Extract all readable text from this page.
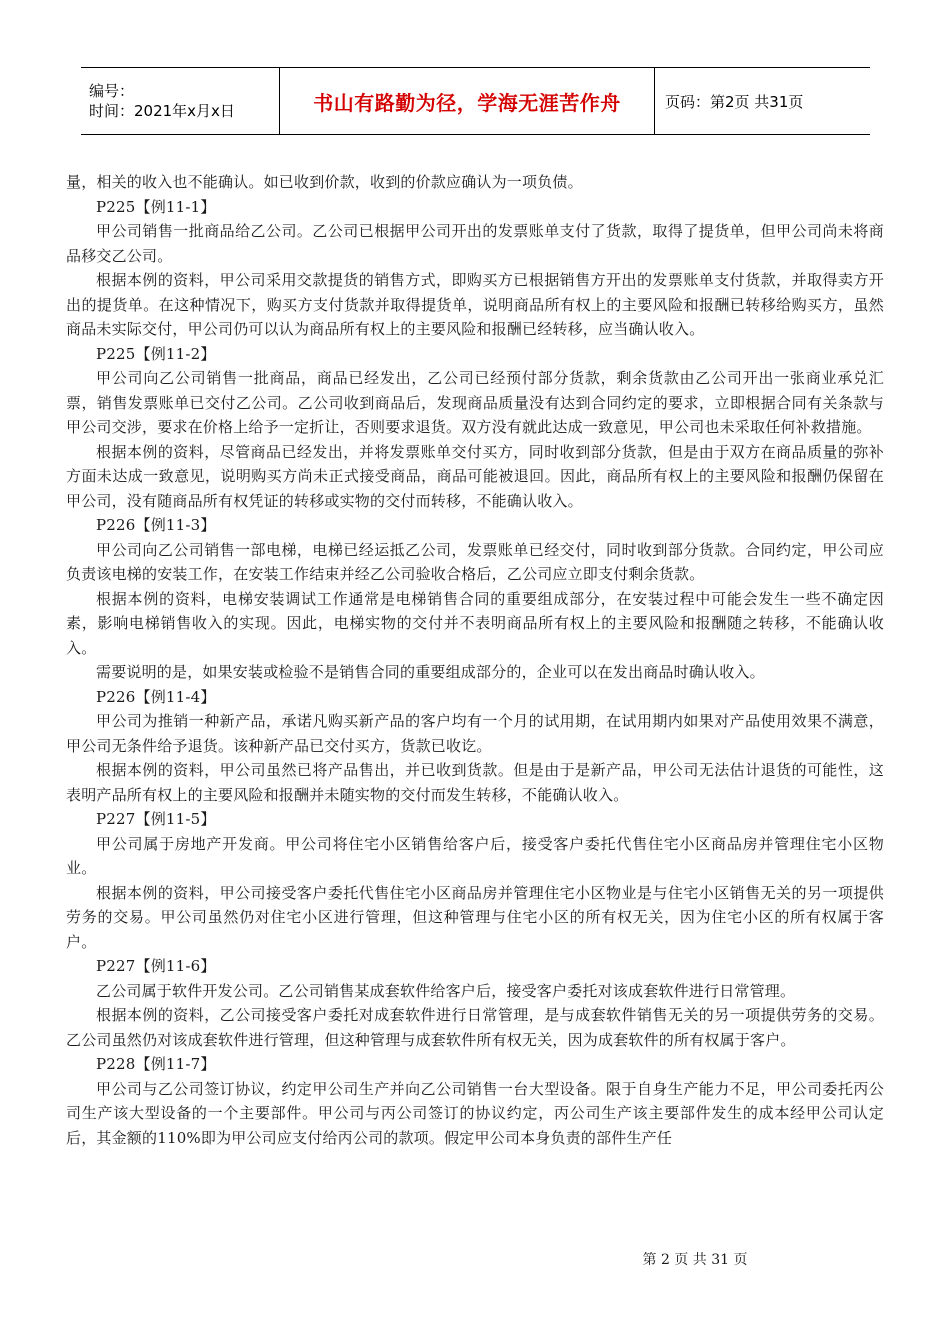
编号：
时间：2021年x月x日	书山有路勤为径，学海无涯苦作舟	页码：第2页 共31页

量，相关的收入也不能确认。如已收到价款，收到的价款应确认为一项负债。

P225【例11-1】

甲公司销售一批商品给乙公司。乙公司已根据甲公司开出的发票账单支付了货款，取得了提货单，但甲公司尚未将商品移交乙公司。

根据本例的资料，甲公司采用交款提货的销售方式，即购买方已根据销售方开出的发票账单支付货款，并取得卖方开出的提货单。在这种情况下，购买方支付货款并取得提货单，说明商品所有权上的主要风险和报酬已转移给购买方，虽然商品未实际交付，甲公司仍可以认为商品所有权上的主要风险和报酬已经转移，应当确认收入。

P225【例11-2】

甲公司向乙公司销售一批商品，商品已经发出，乙公司已经预付部分货款，剩余货款由乙公司开出一张商业承兑汇票，销售发票账单已交付乙公司。乙公司收到商品后，发现商品质量没有达到合同约定的要求，立即根据合同有关条款与甲公司交涉，要求在价格上给予一定折让，否则要求退货。双方没有就此达成一致意见，甲公司也未采取任何补救措施。

根据本例的资料，尽管商品已经发出，并将发票账单交付买方，同时收到部分货款，但是由于双方在商品质量的弥补方面未达成一致意见，说明购买方尚未正式接受商品，商品可能被退回。因此，商品所有权上的主要风险和报酬仍保留在甲公司，没有随商品所有权凭证的转移或实物的交付而转移，不能确认收入。

P226【例11-3】

甲公司向乙公司销售一部电梯，电梯已经运抵乙公司，发票账单已经交付，同时收到部分货款。合同约定，甲公司应负责该电梯的安装工作，在安装工作结束并经乙公司验收合格后，乙公司应立即支付剩余货款。

根据本例的资料，电梯安装调试工作通常是电梯销售合同的重要组成部分，在安装过程中可能会发生一些不确定因素，影响电梯销售收入的实现。因此，电梯实物的交付并不表明商品所有权上的主要风险和报酬随之转移，不能确认收入。

需要说明的是，如果安装或检验不是销售合同的重要组成部分的，企业可以在发出商品时确认收入。

P226【例11-4】

甲公司为推销一种新产品，承诺凡购买新产品的客户均有一个月的试用期，在试用期内如果对产品使用效果不满意，甲公司无条件给予退货。该种新产品已交付买方，货款已收讫。

根据本例的资料，甲公司虽然已将产品售出，并已收到货款。但是由于是新产品，甲公司无法估计退货的可能性，这表明产品所有权上的主要风险和报酬并未随实物的交付而发生转移，不能确认收入。

P227【例11-5】

甲公司属于房地产开发商。甲公司将住宅小区销售给客户后，接受客户委托代售住宅小区商品房并管理住宅小区物业。

根据本例的资料，甲公司接受客户委托代售住宅小区商品房并管理住宅小区物业是与住宅小区销售无关的另一项提供劳务的交易。甲公司虽然仍对住宅小区进行管理，但这种管理与住宅小区的所有权无关，因为住宅小区的所有权属于客户。

P227【例11-6】

乙公司属于软件开发公司。乙公司销售某成套软件给客户后，接受客户委托对该成套软件进行日常管理。

根据本例的资料，乙公司接受客户委托对成套软件进行日常管理，是与成套软件销售无关的另一项提供劳务的交易。乙公司虽然仍对该成套软件进行管理，但这种管理与成套软件所有权无关，因为成套软件的所有权属于客户。

P228【例11-7】

甲公司与乙公司签订协议，约定甲公司生产并向乙公司销售一台大型设备。限于自身生产能力不足，甲公司委托丙公司生产该大型设备的一个主要部件。甲公司与丙公司签订的协议约定，丙公司生产该主要部件发生的成本经甲公司认定后，其金额的110%即为甲公司应支付给丙公司的款项。假定甲公司本身负责的部件生产任

第 2 页 共 31 页
